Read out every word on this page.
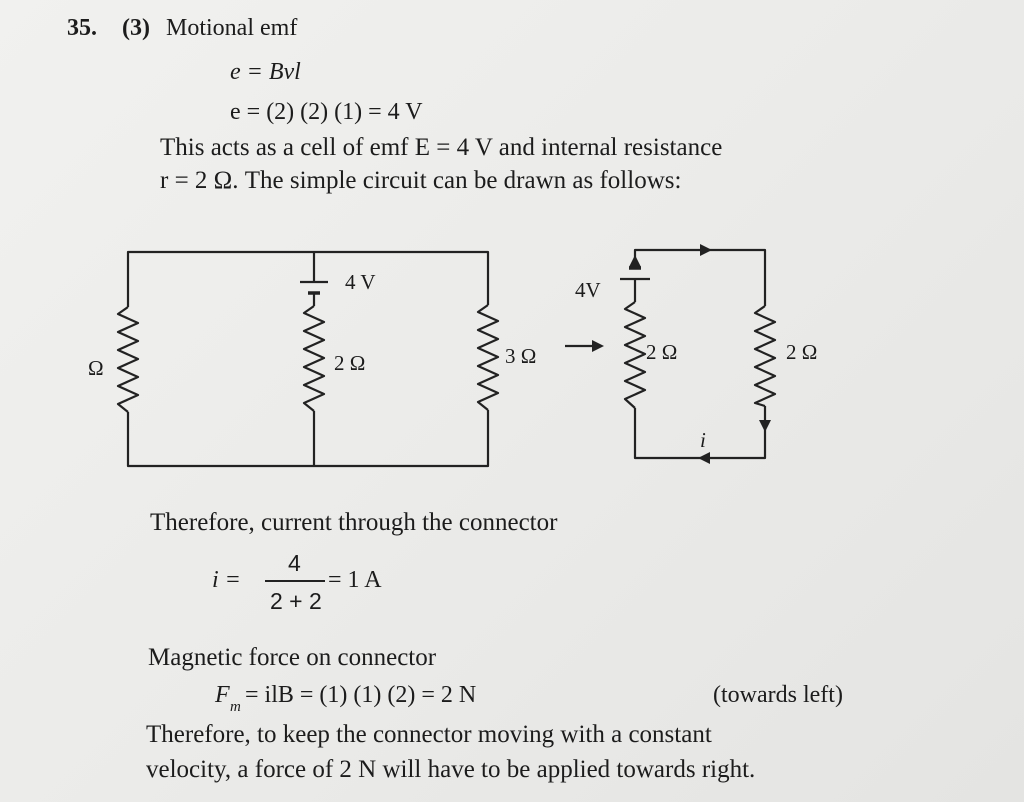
35. (3) Motional emf
e = Bvl
e = (2) (2) (1) = 4 V
This acts as a cell of emf E = 4 V and internal resistance
r = 2 Ω. The simple circuit can be drawn as follows:
Ω
4 V
2 Ω	3 Ω
4V
2 Ω	2 Ω
i
Therefore, current through the connector
i =
4
2 + 2
= 1 A
Magnetic force on connector
F m = ilB = (1) (1) (2) = 2 N	(towards left)
Therefore, to keep the connector moving with a constant
velocity, a force of 2 N will have to be applied towards right.
